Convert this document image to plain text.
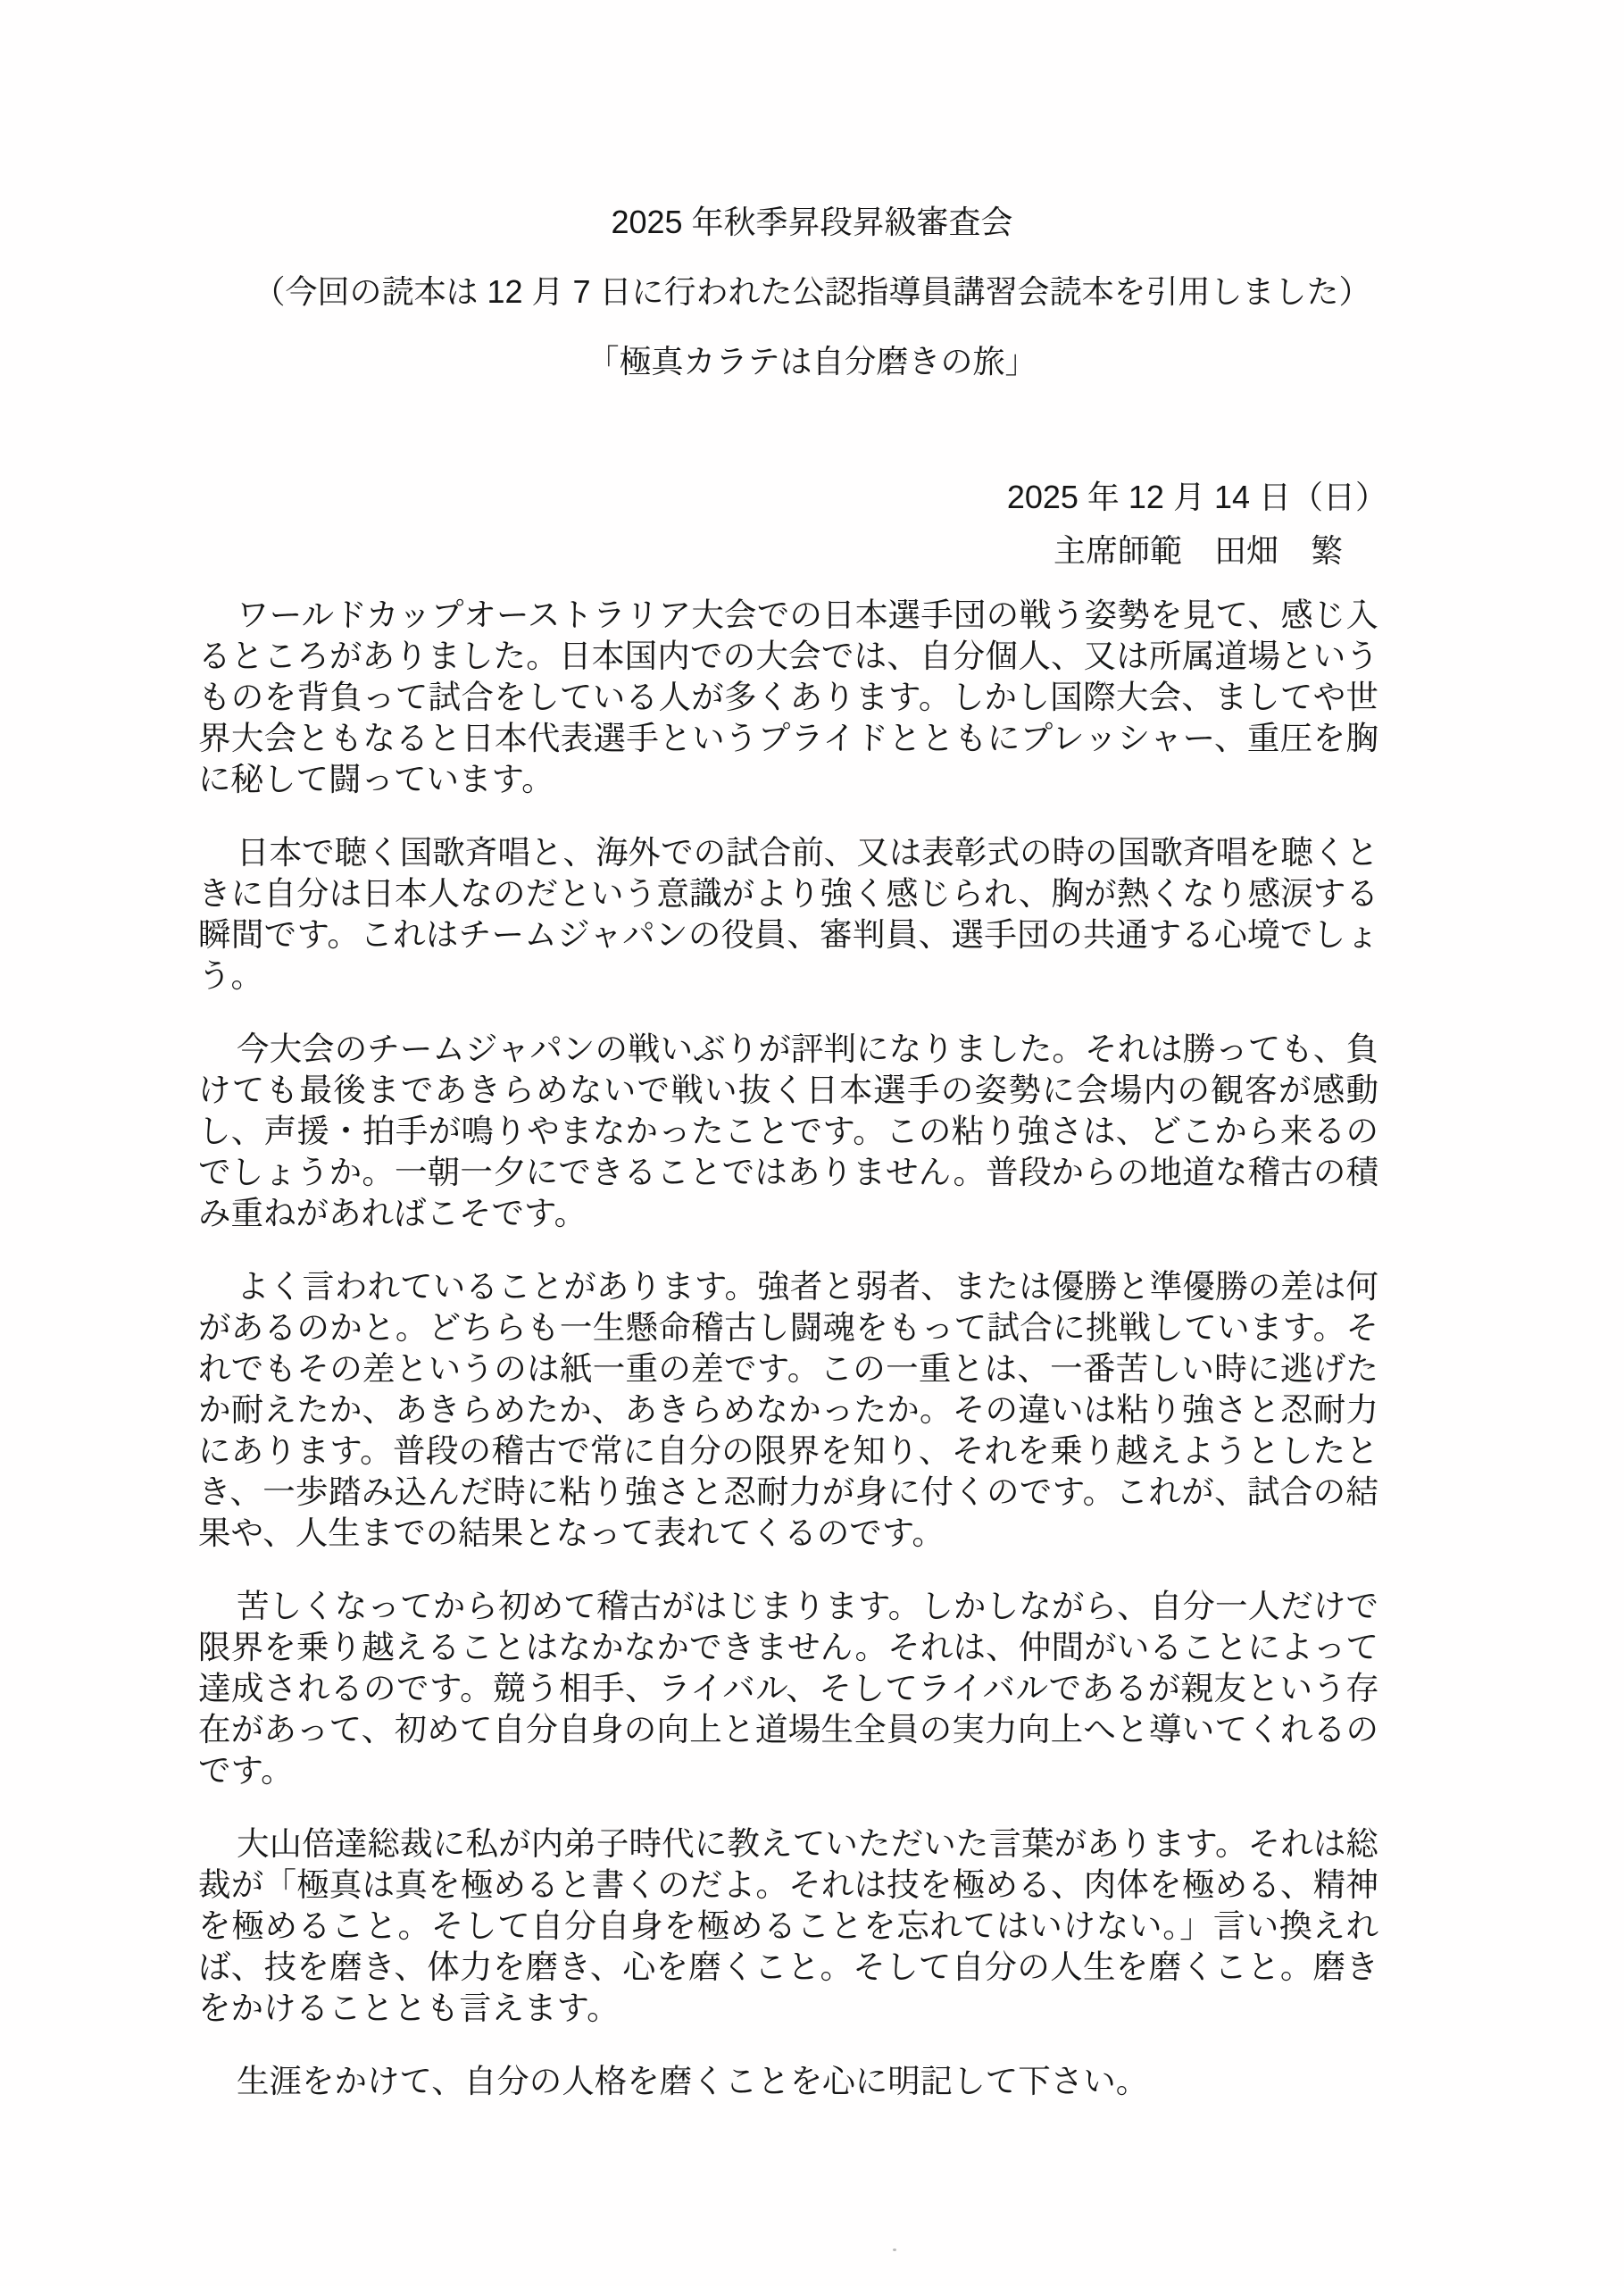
2025 年秋季昇段昇級審査会
（今回の読本は 12 月 7 日に行われた公認指導員講習会読本を引用しました）
「極真カラテは自分磨きの旅」
2025 年 12 月 14 日（日）
主席師範　田畑　繁

ワールドカップオーストラリア大会での日本選手団の戦う姿勢を見て、感じ入るところがありました。日本国内での大会では、自分個人、又は所属道場というものを背負って試合をしている人が多くあります。しかし国際大会、ましてや世界大会ともなると日本代表選手というプライドとともにプレッシャー、重圧を胸に秘して闘っています。

日本で聴く国歌斉唱と、海外での試合前、又は表彰式の時の国歌斉唱を聴くときに自分は日本人なのだという意識がより強く感じられ、胸が熱くなり感涙する瞬間です。これはチームジャパンの役員、審判員、選手団の共通する心境でしょう。

今大会のチームジャパンの戦いぶりが評判になりました。それは勝っても、負けても最後まであきらめないで戦い抜く日本選手の姿勢に会場内の観客が感動し、声援・拍手が鳴りやまなかったことです。この粘り強さは、どこから来るのでしょうか。一朝一夕にできることではありません。普段からの地道な稽古の積み重ねがあればこそです。

よく言われていることがあります。強者と弱者、または優勝と準優勝の差は何があるのかと。どちらも一生懸命稽古し闘魂をもって試合に挑戦しています。それでもその差というのは紙一重の差です。この一重とは、一番苦しい時に逃げたか耐えたか、あきらめたか、あきらめなかったか。その違いは粘り強さと忍耐力にあります。普段の稽古で常に自分の限界を知り、それを乗り越えようとしたとき、一歩踏み込んだ時に粘り強さと忍耐力が身に付くのです。これが、試合の結果や、人生までの結果となって表れてくるのです。

苦しくなってから初めて稽古がはじまります。しかしながら、自分一人だけで限界を乗り越えることはなかなかできません。それは、仲間がいることによって達成されるのです。競う相手、ライバル、そしてライバルであるが親友という存在があって、初めて自分自身の向上と道場生全員の実力向上へと導いてくれるのです。

大山倍達総裁に私が内弟子時代に教えていただいた言葉があります。それは総裁が「極真は真を極めると書くのだよ。それは技を極める、肉体を極める、精神を極めること。そして自分自身を極めることを忘れてはいけない。」言い換えれば、技を磨き、体力を磨き、心を磨くこと。そして自分の人生を磨くこと。磨きをかけることとも言えます。

生涯をかけて、自分の人格を磨くことを心に明記して下さい。
